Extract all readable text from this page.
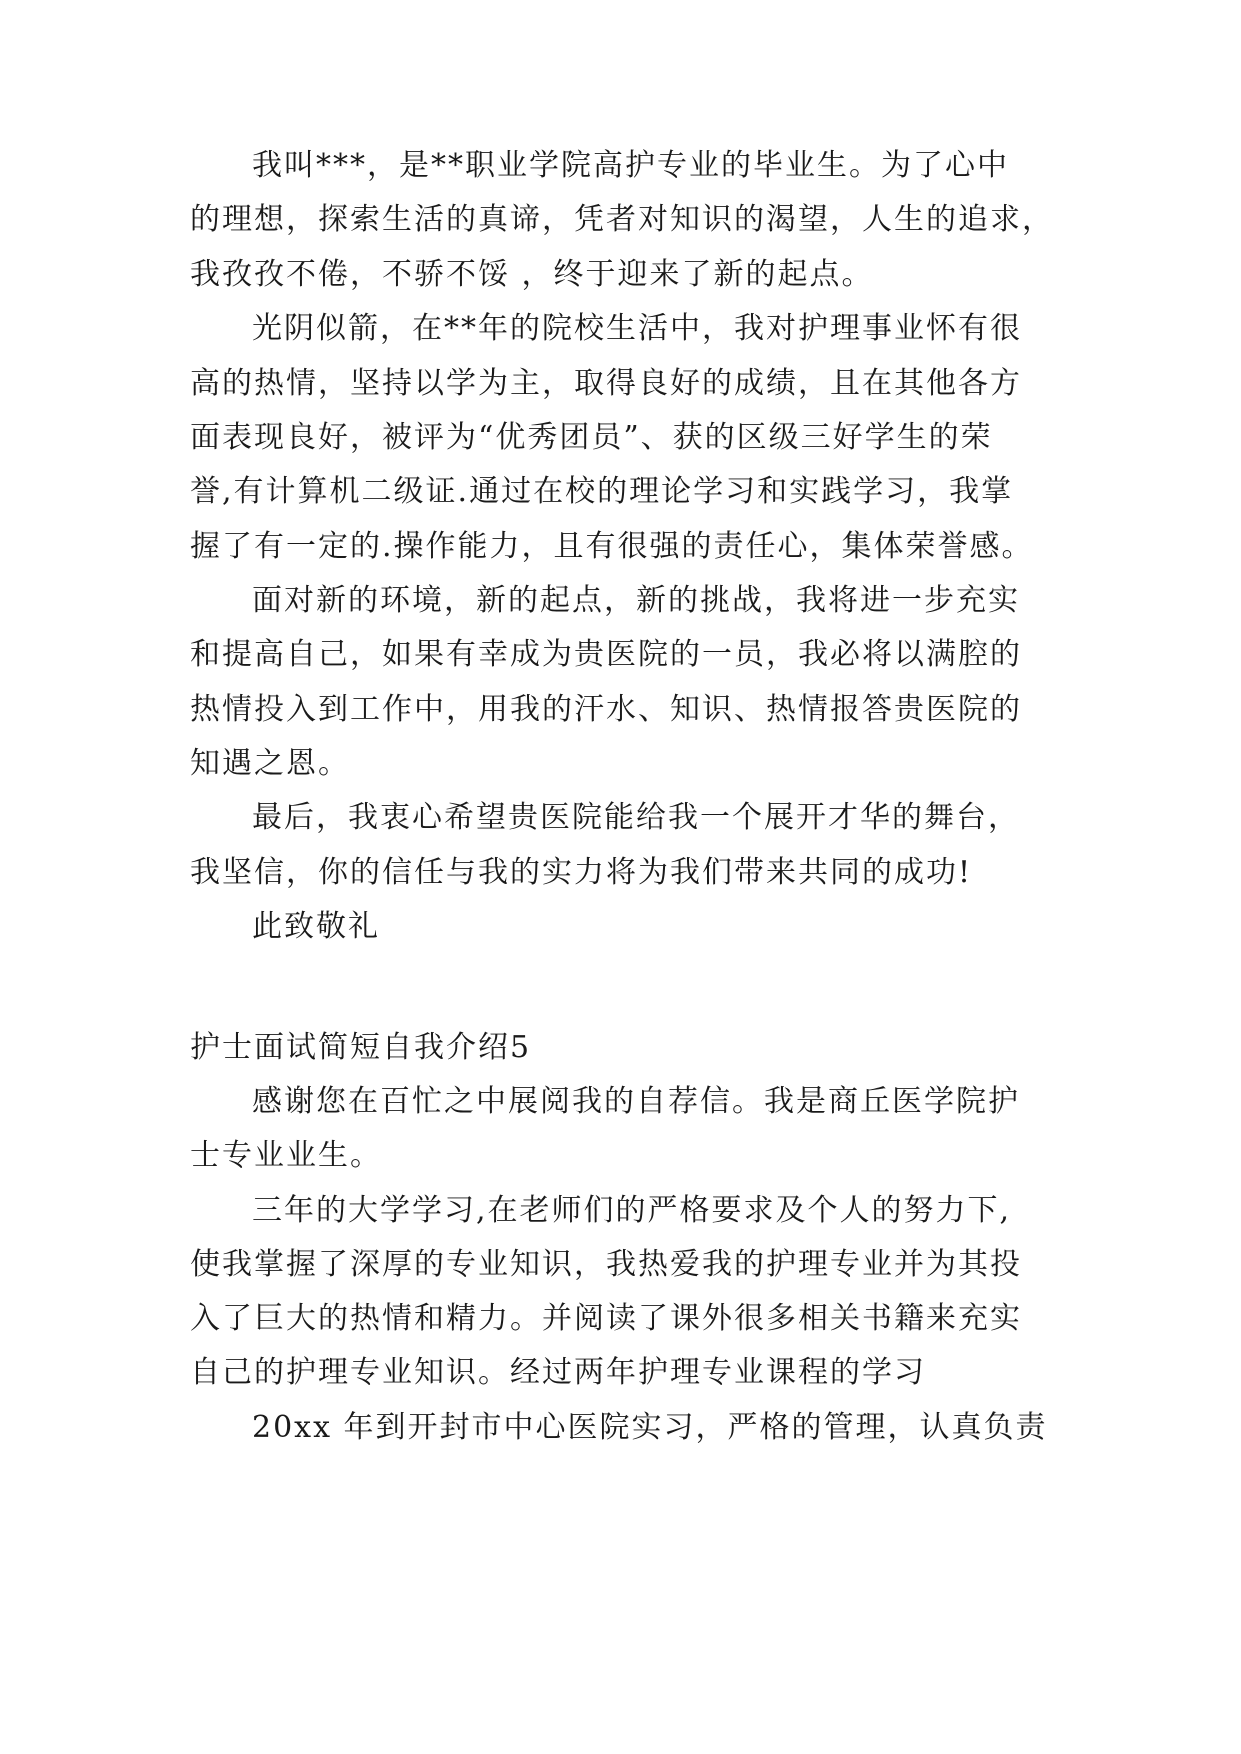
我叫***，是**职业学院高护专业的毕业生。为了心中
的理想，探索生活的真谛，凭者对知识的渴望，人生的追求，
我孜孜不倦，不骄不馁 ，终于迎来了新的起点。
光阴似箭，在**年的院校生活中，我对护理事业怀有很
高的热情，坚持以学为主，取得良好的成绩，且在其他各方
面表现良好，被评为“优秀团员”、获的区级三好学生的荣
誉,有计算机二级证.通过在校的理论学习和实践学习，我掌
握了有一定的.操作能力，且有很强的责任心，集体荣誉感。
面对新的环境，新的起点，新的挑战，我将进一步充实
和提高自己，如果有幸成为贵医院的一员，我必将以满腔的
热情投入到工作中，用我的汗水、知识、热情报答贵医院的
知遇之恩。
最后，我衷心希望贵医院能给我一个展开才华的舞台，
我坚信，你的信任与我的实力将为我们带来共同的成功!
此致敬礼
护士面试简短自我介绍5
感谢您在百忙之中展阅我的自荐信。我是商丘医学院护
士专业业生。
三年的大学学习,在老师们的严格要求及个人的努力下,
使我掌握了深厚的专业知识，我热爱我的护理专业并为其投
入了巨大的热情和精力。并阅读了课外很多相关书籍来充实
自己的护理专业知识。经过两年护理专业课程的学习
20xx 年到开封市中心医院实习，严格的管理，认真负责
